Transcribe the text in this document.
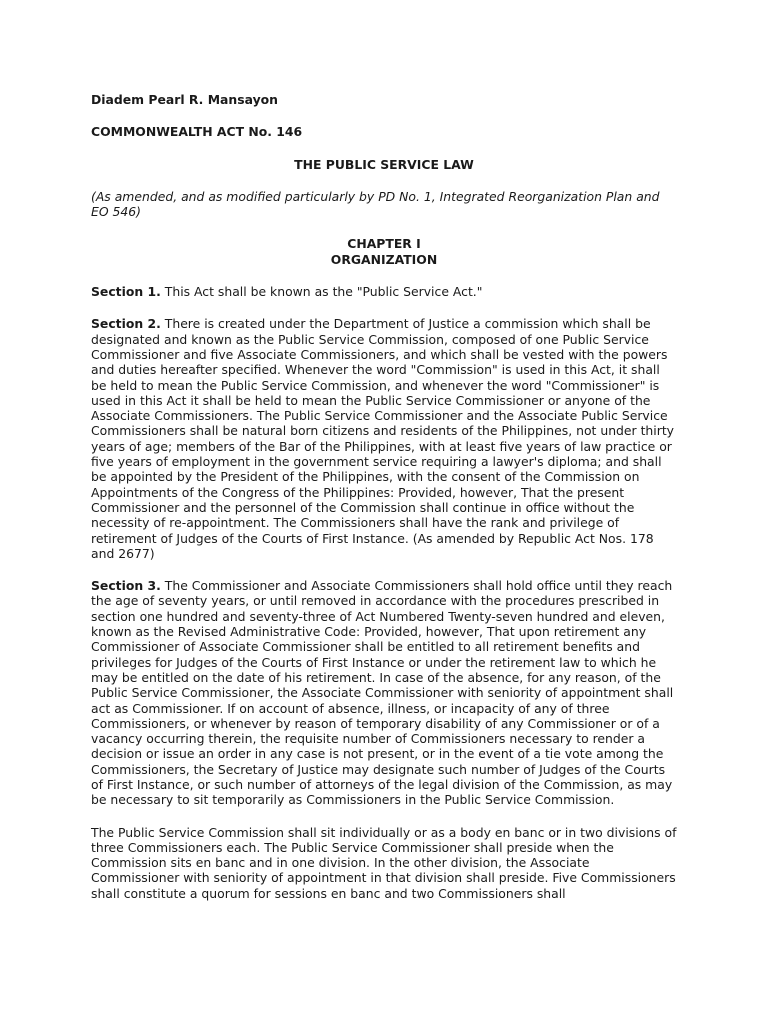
Diadem Pearl R. Mansayon

COMMONWEALTH ACT No. 146

THE PUBLIC SERVICE LAW

(As amended, and as modified particularly by PD No. 1, Integrated Reorganization Plan and EO 546)

CHAPTER I
ORGANIZATION

Section 1. This Act shall be known as the "Public Service Act."

Section 2. There is created under the Department of Justice a commission which shall be designated and known as the Public Service Commission, composed of one Public Service Commissioner and five Associate Commissioners, and which shall be vested with the powers and duties hereafter specified. Whenever the word "Commission" is used in this Act, it shall be held to mean the Public Service Commission, and whenever the word "Commissioner" is used in this Act it shall be held to mean the Public Service Commissioner or anyone of the Associate Commissioners. The Public Service Commissioner and the Associate Public Service Commissioners shall be natural born citizens and residents of the Philippines, not under thirty years of age; members of the Bar of the Philippines, with at least five years of law practice or five years of employment in the government service requiring a lawyer's diploma; and shall be appointed by the President of the Philippines, with the consent of the Commission on Appointments of the Congress of the Philippines: Provided, however, That the present Commissioner and the personnel of the Commission shall continue in office without the necessity of re-appointment. The Commissioners shall have the rank and privilege of retirement of Judges of the Courts of First Instance. (As amended by Republic Act Nos. 178 and 2677)

Section 3. The Commissioner and Associate Commissioners shall hold office until they reach the age of seventy years, or until removed in accordance with the procedures prescribed in section one hundred and seventy-three of Act Numbered Twenty-seven hundred and eleven, known as the Revised Administrative Code: Provided, however, That upon retirement any Commissioner of Associate Commissioner shall be entitled to all retirement benefits and privileges for Judges of the Courts of First Instance or under the retirement law to which he may be entitled on the date of his retirement. In case of the absence, for any reason, of the Public Service Commissioner, the Associate Commissioner with seniority of appointment shall act as Commissioner. If on account of absence, illness, or incapacity of any of three Commissioners, or whenever by reason of temporary disability of any Commissioner or of a vacancy occurring therein, the requisite number of Commissioners necessary to render a decision or issue an order in any case is not present, or in the event of a tie vote among the Commissioners, the Secretary of Justice may designate such number of Judges of the Courts of First Instance, or such number of attorneys of the legal division of the Commission, as may be necessary to sit temporarily as Commissioners in the Public Service Commission.

The Public Service Commission shall sit individually or as a body en banc or in two divisions of three Commissioners each. The Public Service Commissioner shall preside when the Commission sits en banc and in one division. In the other division, the Associate Commissioner with seniority of appointment in that division shall preside. Five Commissioners shall constitute a quorum for sessions en banc and two Commissioners shall
